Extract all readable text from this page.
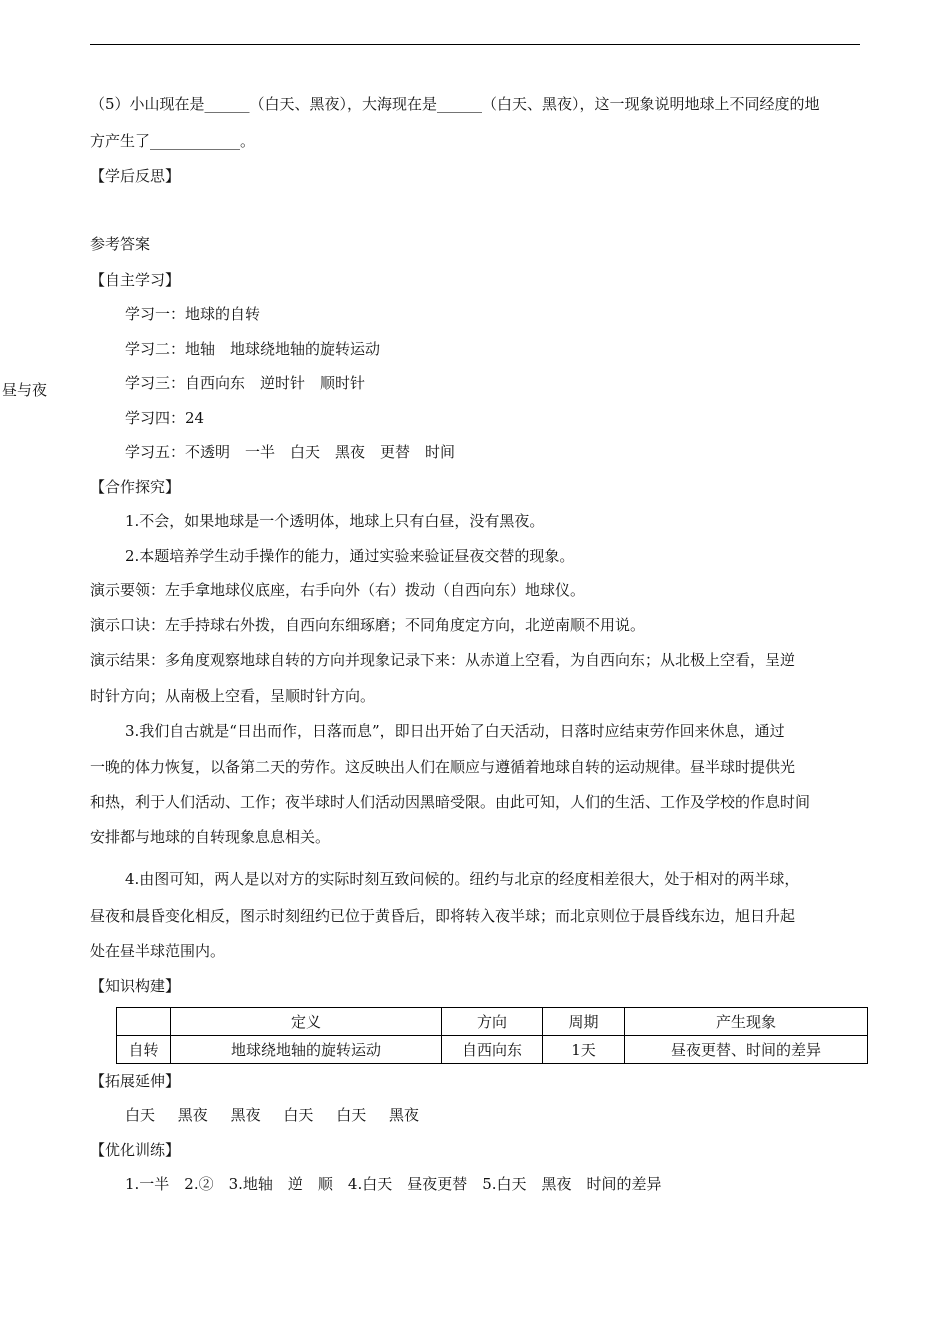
（5）小山现在是______（白天、黑夜），大海现在是______（白天、黑夜），这一现象说明地球上不同经度的地
方产生了____________。
【学后反思】
参考答案
【自主学习】
学习一：地球的自转
学习二：地轴　地球绕地轴的旋转运动
学习三：自西向东　逆时针　顺时针
学习四：24
学习五：不透明　一半　白天　黑夜　更替　时间
昼与夜
【合作探究】
1.不会，如果地球是一个透明体，地球上只有白昼，没有黑夜。
2.本题培养学生动手操作的能力，通过实验来验证昼夜交替的现象。
演示要领：左手拿地球仪底座，右手向外（右）拨动（自西向东）地球仪。
演示口诀：左手持球右外拨，自西向东细琢磨；不同角度定方向，北逆南顺不用说。
演示结果：多角度观察地球自转的方向并现象记录下来：从赤道上空看，为自西向东；从北极上空看，呈逆
时针方向；从南极上空看，呈顺时针方向。
3.我们自古就是“日出而作，日落而息”，即日出开始了白天活动，日落时应结束劳作回来休息，通过
一晚的体力恢复，以备第二天的劳作。这反映出人们在顺应与遵循着地球自转的运动规律。昼半球时提供光
和热，利于人们活动、工作；夜半球时人们活动因黑暗受限。由此可知，人们的生活、工作及学校的作息时间
安排都与地球的自转现象息息相关。
4.由图可知，两人是以对方的实际时刻互致问候的。纽约与北京的经度相差很大，处于相对的两半球，
昼夜和晨昏变化相反，图示时刻纽约已位于黄昏后，即将转入夜半球；而北京则位于晨昏线东边，旭日升起
处在昼半球范围内。
【知识构建】
	定义	方向	周期	产生现象
自转	地球绕地轴的旋转运动	自西向东	1天	昼夜更替、时间的差异
【拓展延伸】
白天 黑夜 黑夜 白天 白天 黑夜
【优化训练】
1.一半　2.②　3.地轴　逆　顺　4.白天　昼夜更替　5.白天　黑夜　时间的差异
